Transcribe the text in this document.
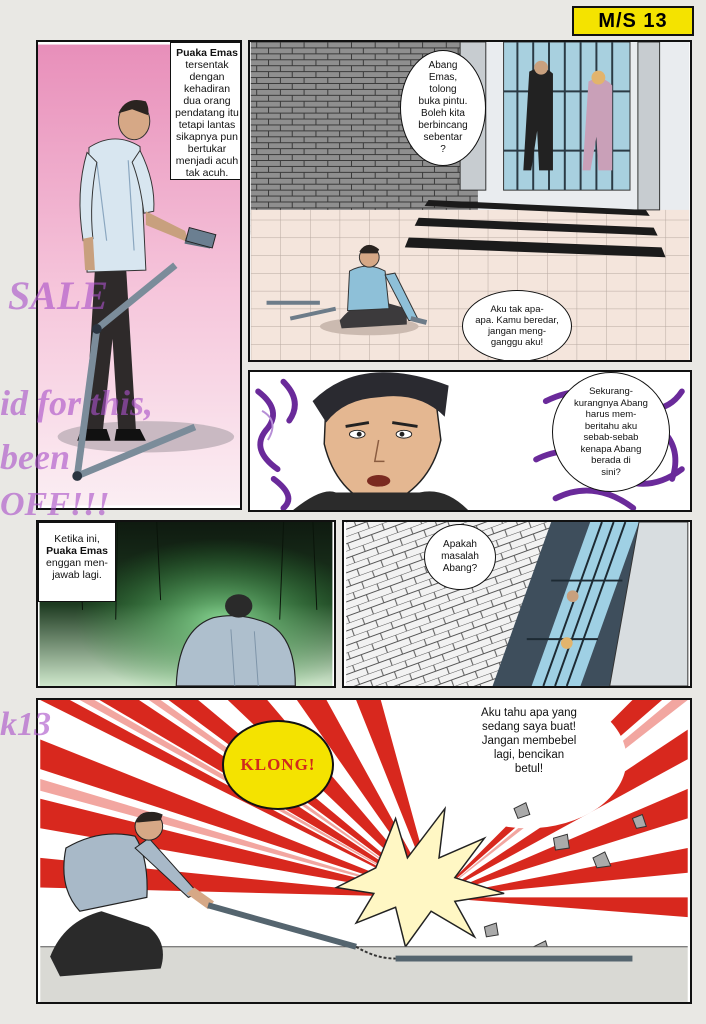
M/S 13
Puaka Emas tersentak dengan kehadiran dua orang pendatang itu tetapi lantas sikapnya pun bertukar menjadi acuh tak acuh.
Abang
Emas,
tolong
buka pintu.
Boleh kita
berbincang
sebentar
?
Aku tak apa-
apa. Kamu beredar,
jangan meng-
ganggu aku!
Sekurang-
kurangnya Abang
harus mem-
beritahu aku
sebab-sebab
kenapa Abang
berada di
sini?
Ketika ini,
Puaka Emas
enggan men-jawab lagi.
Apakah
masalah
Abang?
Aku tahu apa yang
sedang saya buat!
Jangan membebel
lagi, bencikan
betul!
KLONG!
SALE
id for this,
been
OFF!!!
k13
